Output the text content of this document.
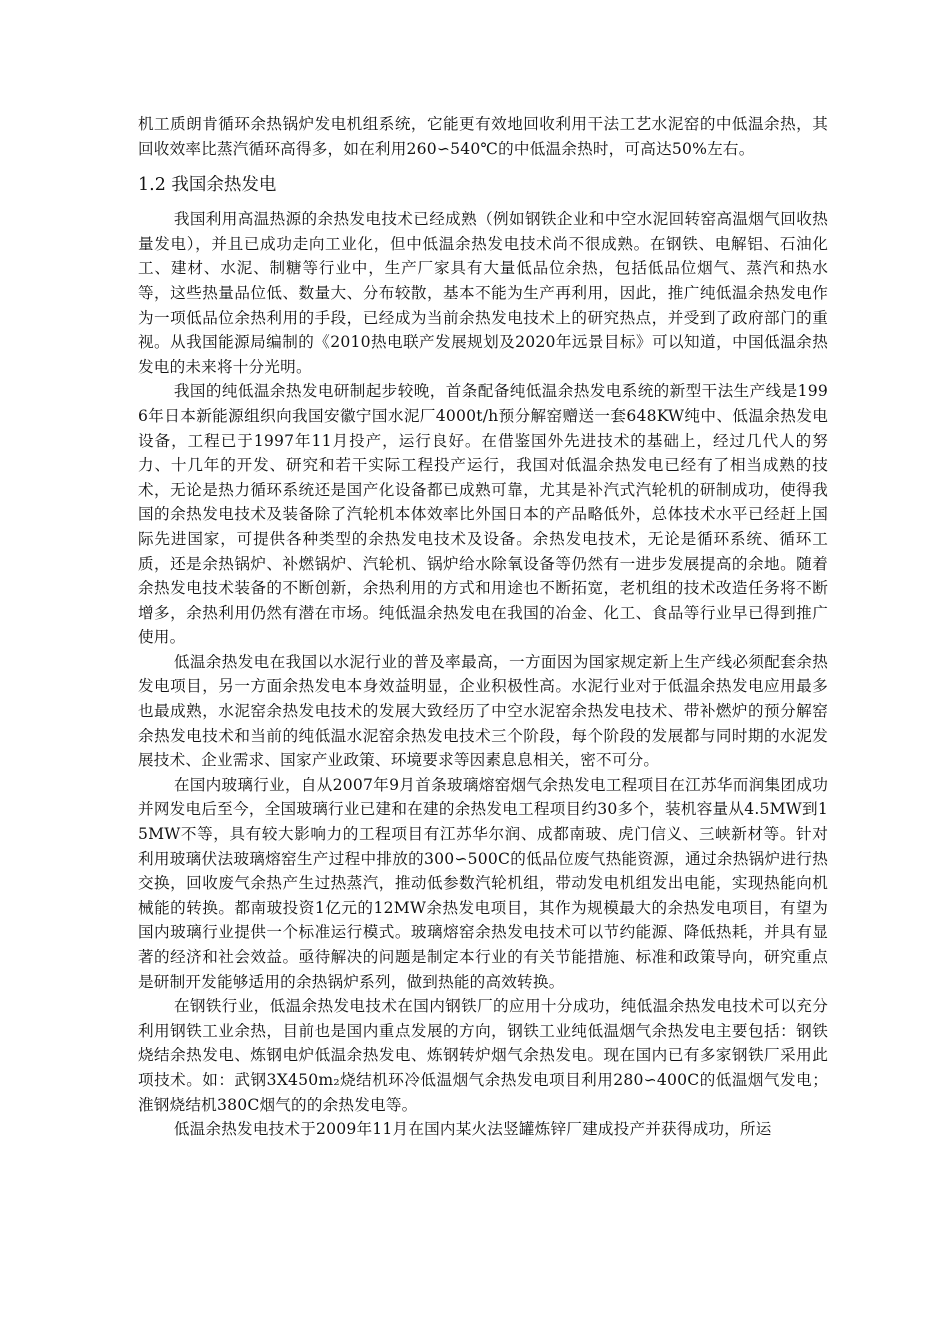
机工质朗肯循环余热锅炉发电机组系统，它能更有效地回收利用干法工艺水泥窑的中低温余热，其回收效率比蒸汽循环高得多，如在利用260∽540℃的中低温余热时，可高达50%左右。

1.2 我国余热发电

我国利用高温热源的余热发电技术已经成熟（例如钢铁企业和中空水泥回转窑高温烟气回收热量发电），并且已成功走向工业化，但中低温余热发电技术尚不很成熟。在钢铁、电解铝、石油化工、建材、水泥、制糖等行业中，生产厂家具有大量低品位余热，包括低品位烟气、蒸汽和热水等，这些热量品位低、数量大、分布较散，基本不能为生产再利用，因此，推广纯低温余热发电作为一项低品位余热利用的手段，已经成为当前余热发电技术上的研究热点，并受到了政府部门的重视。从我国能源局编制的《2010热电联产发展规划及2020年远景目标》可以知道，中国低温余热发电的未来将十分光明。

我国的纯低温余热发电研制起步较晚，首条配备纯低温余热发电系统的新型干法生产线是1996年日本新能源组织向我国安徽宁国水泥厂4000t/h预分解窑赠送一套648KW纯中、低温余热发电设备，工程已于1997年11月投产，运行良好。在借鉴国外先进技术的基础上，经过几代人的努力、十几年的开发、研究和若干实际工程投产运行，我国对低温余热发电已经有了相当成熟的技术，无论是热力循环系统还是国产化设备都已成熟可靠，尤其是补汽式汽轮机的研制成功，使得我国的余热发电技术及装备除了汽轮机本体效率比外国日本的产品略低外，总体技术水平已经赶上国际先进国家，可提供各种类型的余热发电技术及设备。余热发电技术，无论是循环系统、循环工质，还是余热锅炉、补燃锅炉、汽轮机、锅炉给水除氧设备等仍然有一进步发展提高的余地。随着余热发电技术装备的不断创新，余热利用的方式和用途也不断拓宽，老机组的技术改造任务将不断增多，余热利用仍然有潜在市场。纯低温余热发电在我国的冶金、化工、食品等行业早已得到推广使用。

低温余热发电在我国以水泥行业的普及率最高，一方面因为国家规定新上生产线必须配套余热发电项目，另一方面余热发电本身效益明显，企业积极性高。水泥行业对于低温余热发电应用最多也最成熟，水泥窑余热发电技术的发展大致经历了中空水泥窑余热发电技术、带补燃炉的预分解窑余热发电技术和当前的纯低温水泥窑余热发电技术三个阶段，每个阶段的发展都与同时期的水泥发展技术、企业需求、国家产业政策、环境要求等因素息息相关，密不可分。

在国内玻璃行业，自从2007年9月首条玻璃熔窑烟气余热发电工程项目在江苏华而润集团成功并网发电后至今，全国玻璃行业已建和在建的余热发电工程项目约30多个，装机容量从4.5MW到15MW不等，具有较大影响力的工程项目有江苏华尔润、成都南玻、虎门信义、三峡新材等。针对利用玻璃伏法玻璃熔窑生产过程中排放的300∽500C的低品位废气热能资源，通过余热锅炉进行热交换，回收废气余热产生过热蒸汽，推动低参数汽轮机组，带动发电机组发出电能，实现热能向机械能的转换。都南玻投资1亿元的12MW余热发电项目，其作为规模最大的余热发电项目，有望为国内玻璃行业提供一个标准运行模式。玻璃熔窑余热发电技术可以节约能源、降低热耗，并具有显著的经济和社会效益。亟待解决的问题是制定本行业的有关节能措施、标准和政策导向，研究重点是研制开发能够适用的余热锅炉系列，做到热能的高效转换。

在钢铁行业，低温余热发电技术在国内钢铁厂的应用十分成功，纯低温余热发电技术可以充分利用钢铁工业余热，目前也是国内重点发展的方向，钢铁工业纯低温烟气余热发电主要包括：钢铁烧结余热发电、炼钢电炉低温余热发电、炼钢转炉烟气余热发电。现在国内已有多家钢铁厂采用此项技术。如：武钢3X450m₂烧结机环冷低温烟气余热发电项目利用280∽400C的低温烟气发电；淮钢烧结机380C烟气的的余热发电等。

低温余热发电技术于2009年11月在国内某火法竖罐炼锌厂建成投产并获得成功，所运
